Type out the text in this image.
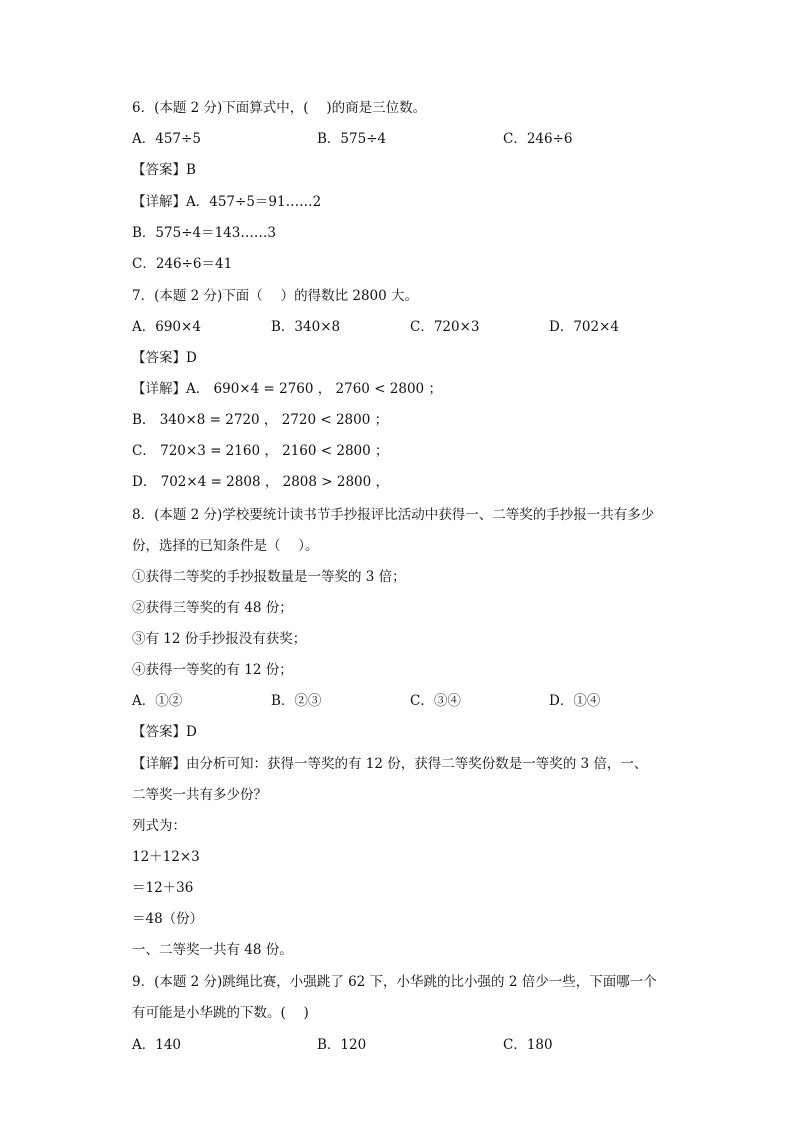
6．(本题 2 分)下面算式中，(　 )的商是三位数。
A．457÷5	B．575÷4	C．246÷6
【答案】B
【详解】A．457÷5＝91……2
B．575÷4＝143……3
C．246÷6＝41
7．(本题 2 分)下面（　 ）的得数比 2800 大。
A．690×4	B．340×8	C．720×3	D．702×4
【答案】D
【详解】A． 690×4 = 2760 ， 2760 < 2800 ；
B． 340×8 = 2720 ， 2720 < 2800 ；
C． 720×3 = 2160 ， 2160 < 2800 ；
D． 702×4 = 2808 ， 2808 > 2800 ，
8．(本题 2 分)学校要统计读书节手抄报评比活动中获得一、二等奖的手抄报一共有多少
份，选择的已知条件是（　 ）。
①获得二等奖的手抄报数量是一等奖的 3 倍；
②获得三等奖的有 48 份；
③有 12 份手抄报没有获奖；
④获得一等奖的有 12 份；
A．①②	B．②③	C．③④	D．①④
【答案】D
【详解】由分析可知：获得一等奖的有 12 份，获得二等奖份数是一等奖的 3 倍，一、
二等奖一共有多少份？
列式为：
12＋12×3
＝12＋36
＝48（份）
一、二等奖一共有 48 份。
9．(本题 2 分)跳绳比赛，小强跳了 62 下，小华跳的比小强的 2 倍少一些，下面哪一个
有可能是小华跳的下数。(　 )
A．140	B．120	C．180
